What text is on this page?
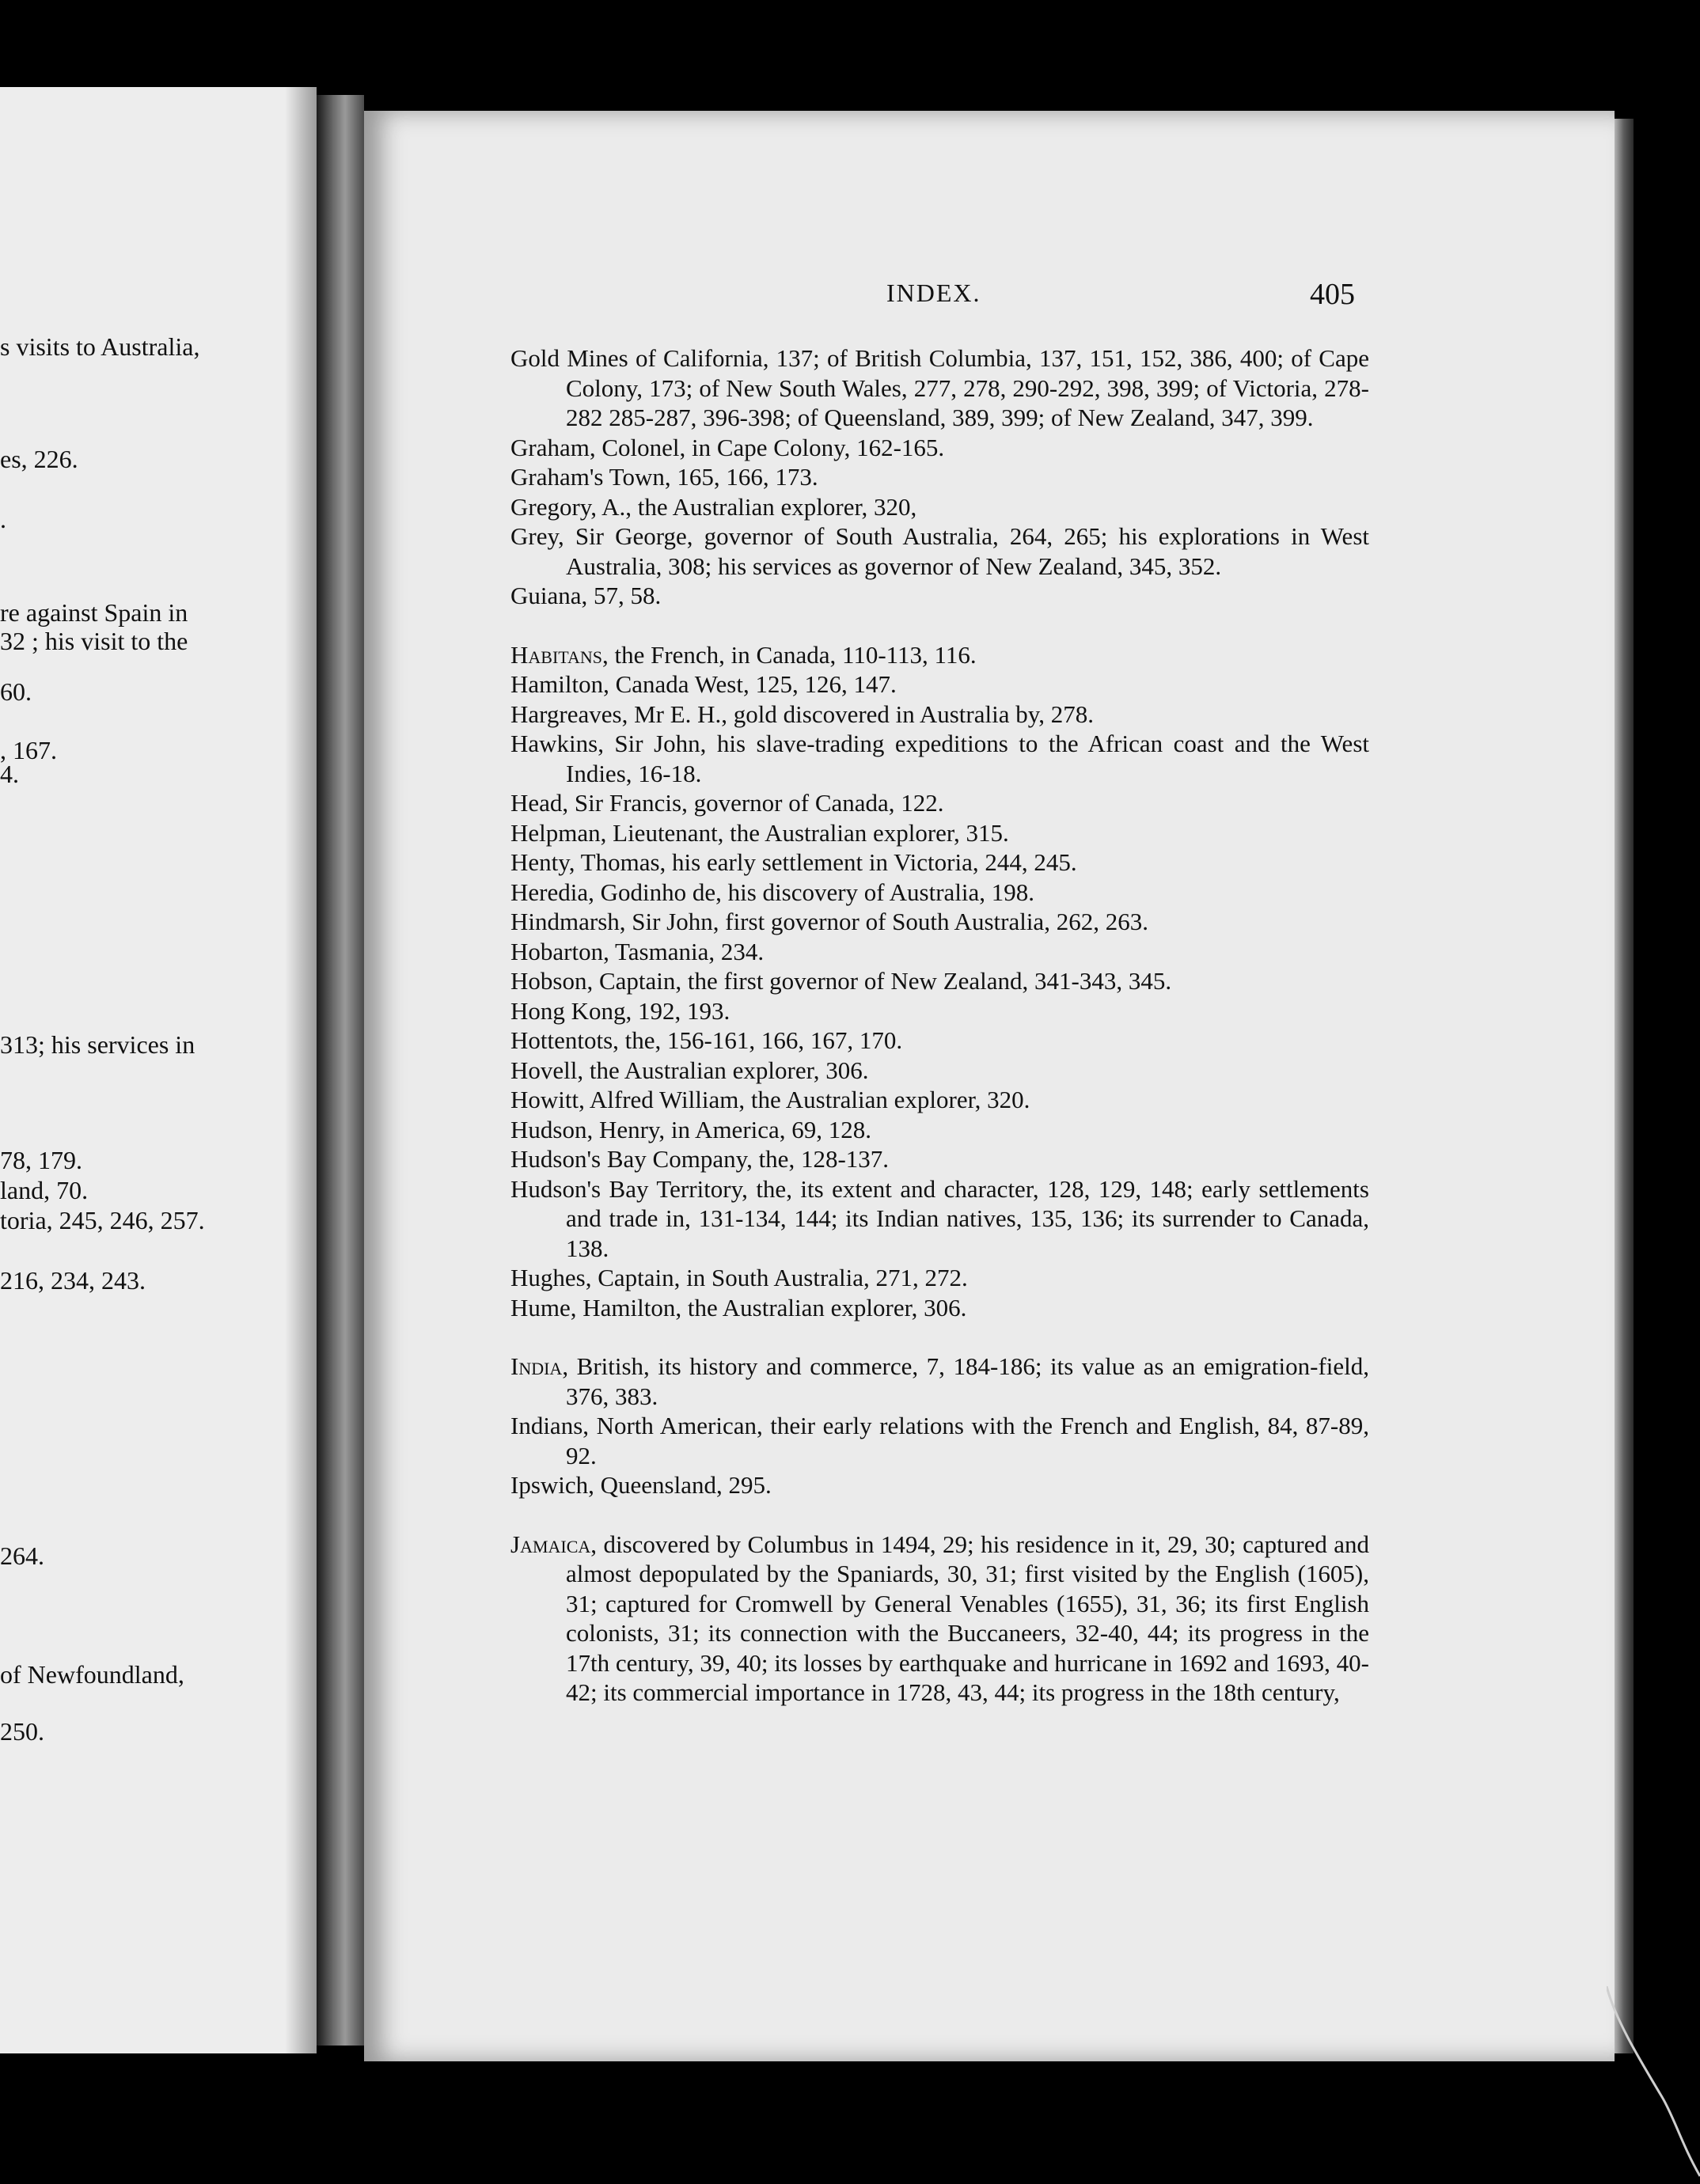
s visits to Australia,
es, 226.
.
re against Spain in
32 ; his visit to the
60.
, 167.
4.
313; his services in
78, 179.
land, 70.
toria, 245, 246, 257.
216, 234, 243.
264.
of Newfoundland,
250.
INDEX.	405

Gold Mines of California, 137; of British Columbia, 137, 151, 152, 386, 400; of Cape Colony, 173; of New South Wales, 277, 278, 290-292, 398, 399; of Victoria, 278-282 285-287, 396-398; of Queensland, 389, 399; of New Zealand, 347, 399.

Graham, Colonel, in Cape Colony, 162-165.

Graham's Town, 165, 166, 173.

Gregory, A., the Australian explorer, 320,

Grey, Sir George, governor of South Australia, 264, 265; his explorations in West Australia, 308; his services as governor of New Zealand, 345, 352.

Guiana, 57, 58.

Habitans, the French, in Canada, 110-113, 116.

Hamilton, Canada West, 125, 126, 147.

Hargreaves, Mr E. H., gold discovered in Australia by, 278.

Hawkins, Sir John, his slave-trading expeditions to the African coast and the West Indies, 16-18.

Head, Sir Francis, governor of Canada, 122.

Helpman, Lieutenant, the Australian explorer, 315.

Henty, Thomas, his early settlement in Victoria, 244, 245.

Heredia, Godinho de, his discovery of Australia, 198.

Hindmarsh, Sir John, first governor of South Australia, 262, 263.

Hobarton, Tasmania, 234.

Hobson, Captain, the first governor of New Zealand, 341-343, 345.

Hong Kong, 192, 193.

Hottentots, the, 156-161, 166, 167, 170.

Hovell, the Australian explorer, 306.

Howitt, Alfred William, the Australian explorer, 320.

Hudson, Henry, in America, 69, 128.

Hudson's Bay Company, the, 128-137.

Hudson's Bay Territory, the, its extent and character, 128, 129, 148; early settlements and trade in, 131-134, 144; its Indian natives, 135, 136; its surrender to Canada, 138.

Hughes, Captain, in South Australia, 271, 272.

Hume, Hamilton, the Australian explorer, 306.

India, British, its history and commerce, 7, 184-186; its value as an emigration-field, 376, 383.

Indians, North American, their early relations with the French and English, 84, 87-89, 92.

Ipswich, Queensland, 295.

Jamaica, discovered by Columbus in 1494, 29; his residence in it, 29, 30; captured and almost depopulated by the Spaniards, 30, 31; first visited by the English (1605), 31; captured for Cromwell by General Venables (1655), 31, 36; its first English colonists, 31; its connection with the Buccaneers, 32-40, 44; its progress in the 17th century, 39, 40; its losses by earthquake and hurricane in 1692 and 1693, 40-42; its commercial importance in 1728, 43, 44; its progress in the 18th century,
